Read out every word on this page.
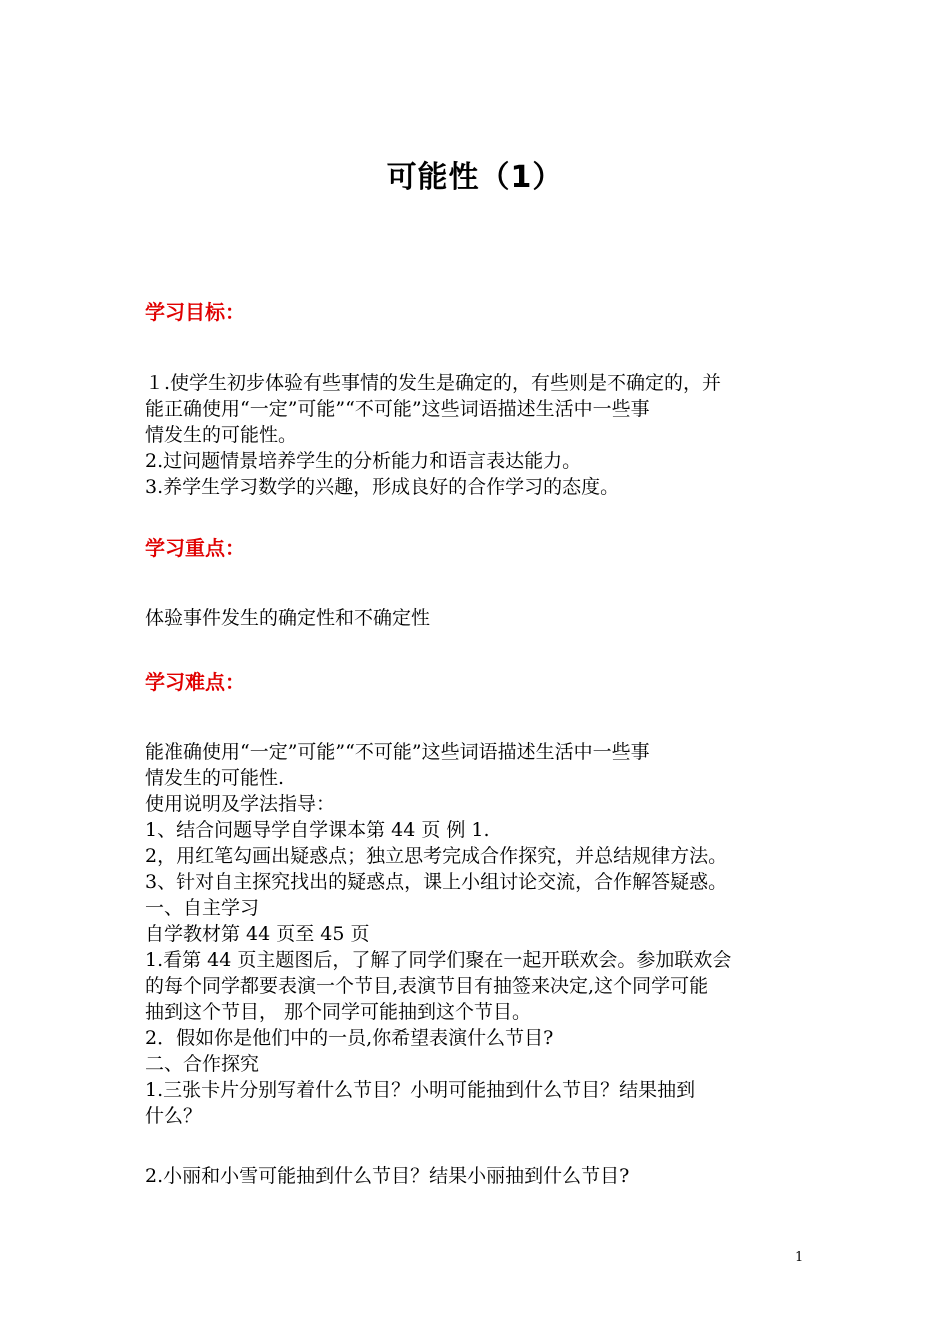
可能性（1）
学习目标：

１.使学生初步体验有些事情的发生是确定的，有些则是不确定的，并

能正确使用“一定”可能”“不可能”这些词语描述生活中一些事

情发生的可能性。

2.过问题情景培养学生的分析能力和语言表达能力。

3.养学生学习数学的兴趣，形成良好的合作学习的态度。

学习重点：

体验事件发生的确定性和不确定性

学习难点：

能准确使用“一定”可能”“不可能”这些词语描述生活中一些事

情发生的可能性.

使用说明及学法指导：

1、结合问题导学自学课本第 44 页 例 1.

2，用红笔勾画出疑惑点；独立思考完成合作探究，并总结规律方法。

3、针对自主探究找出的疑惑点，课上小组讨论交流，合作解答疑惑。

一、自主学习

自学教材第 44 页至 45 页

1.看第 44 页主题图后，了解了同学们聚在一起开联欢会。参加联欢会

的每个同学都要表演一个节目,表演节目有抽签来决定,这个同学可能

抽到这个节目， 那个同学可能抽到这个节目。

2．假如你是他们中的一员,你希望表演什么节目?

二、合作探究

1.三张卡片分别写着什么节目？小明可能抽到什么节目？结果抽到

什么？

2.小丽和小雪可能抽到什么节目？结果小丽抽到什么节目?

1
